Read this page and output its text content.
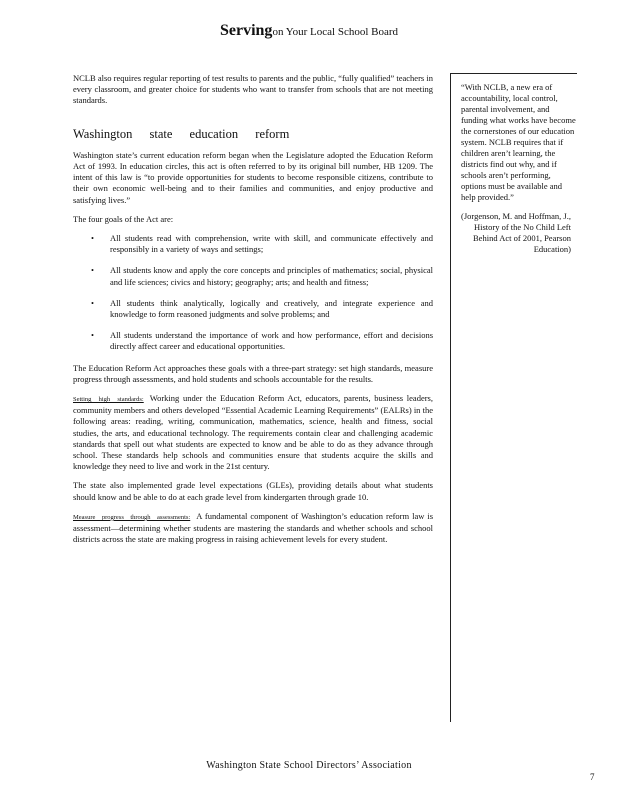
Servingon Your Local School Board

NCLB also requires regular reporting of test results to parents and the public, “fully qualified” teachers in every classroom, and greater choice for students who want to transfer from schools that are not meeting standards.

Washington state education reform

Washington state’s current education reform began when the Legislature adopted the Education Reform Act of 1993. In education circles, this act is often referred to by its original bill number, HB 1209. The intent of this law is “to provide opportunities for students to become responsible citizens, contribute to their own economic well-being and to their families and communities, and enjoy productive and satisfying lives.”

The four goals of the Act are:

• All students read with comprehension, write with skill, and communicate effectively and responsibly in a variety of ways and settings;
• All students know and apply the core concepts and principles of mathematics; social, physical and life sciences; civics and history; geography; arts; and health and fitness;
• All students think analytically, logically and creatively, and integrate experience and knowledge to form reasoned judgments and solve problems; and
• All students understand the importance of work and how performance, effort and decisions directly affect career and educational opportunities.

The Education Reform Act approaches these goals with a three-part strategy: set high standards, measure progress through assessments, and hold students and schools accountable for the results.

Setting high standards: Working under the Education Reform Act, educators, parents, business leaders, community members and others developed “Essential Academic Learning Requirements” (EALRs) in the following areas: reading, writing, communication, mathematics, science, health and fitness, social studies, the arts, and educational technology. The requirements contain clear and challenging academic standards that spell out what students are expected to know and be able to do as they advance through school. These standards help schools and communities ensure that students acquire the skills and knowledge they need to live and work in the 21st century.

The state also implemented grade level expectations (GLEs), providing details about what students should know and be able to do at each grade level from kindergarten through grade 10.

Measure progress through assessments: A fundamental component of Washington’s education reform law is assessment—determining whether students are mastering the standards and whether schools and school districts across the state are making progress in raising achievement levels for every student.

“With NCLB, a new era of accountability, local control, parental involvement, and funding what works have become the cornerstones of our education system. NCLB requires that if children aren’t learning, the districts find out why, and if schools aren’t performing, options must be available and help provided.”
(Jorgenson, M. and Hoffman, J., History of the No Child Left Behind Act of 2001, Pearson Education)
Washington State School Directors’ Association
7
